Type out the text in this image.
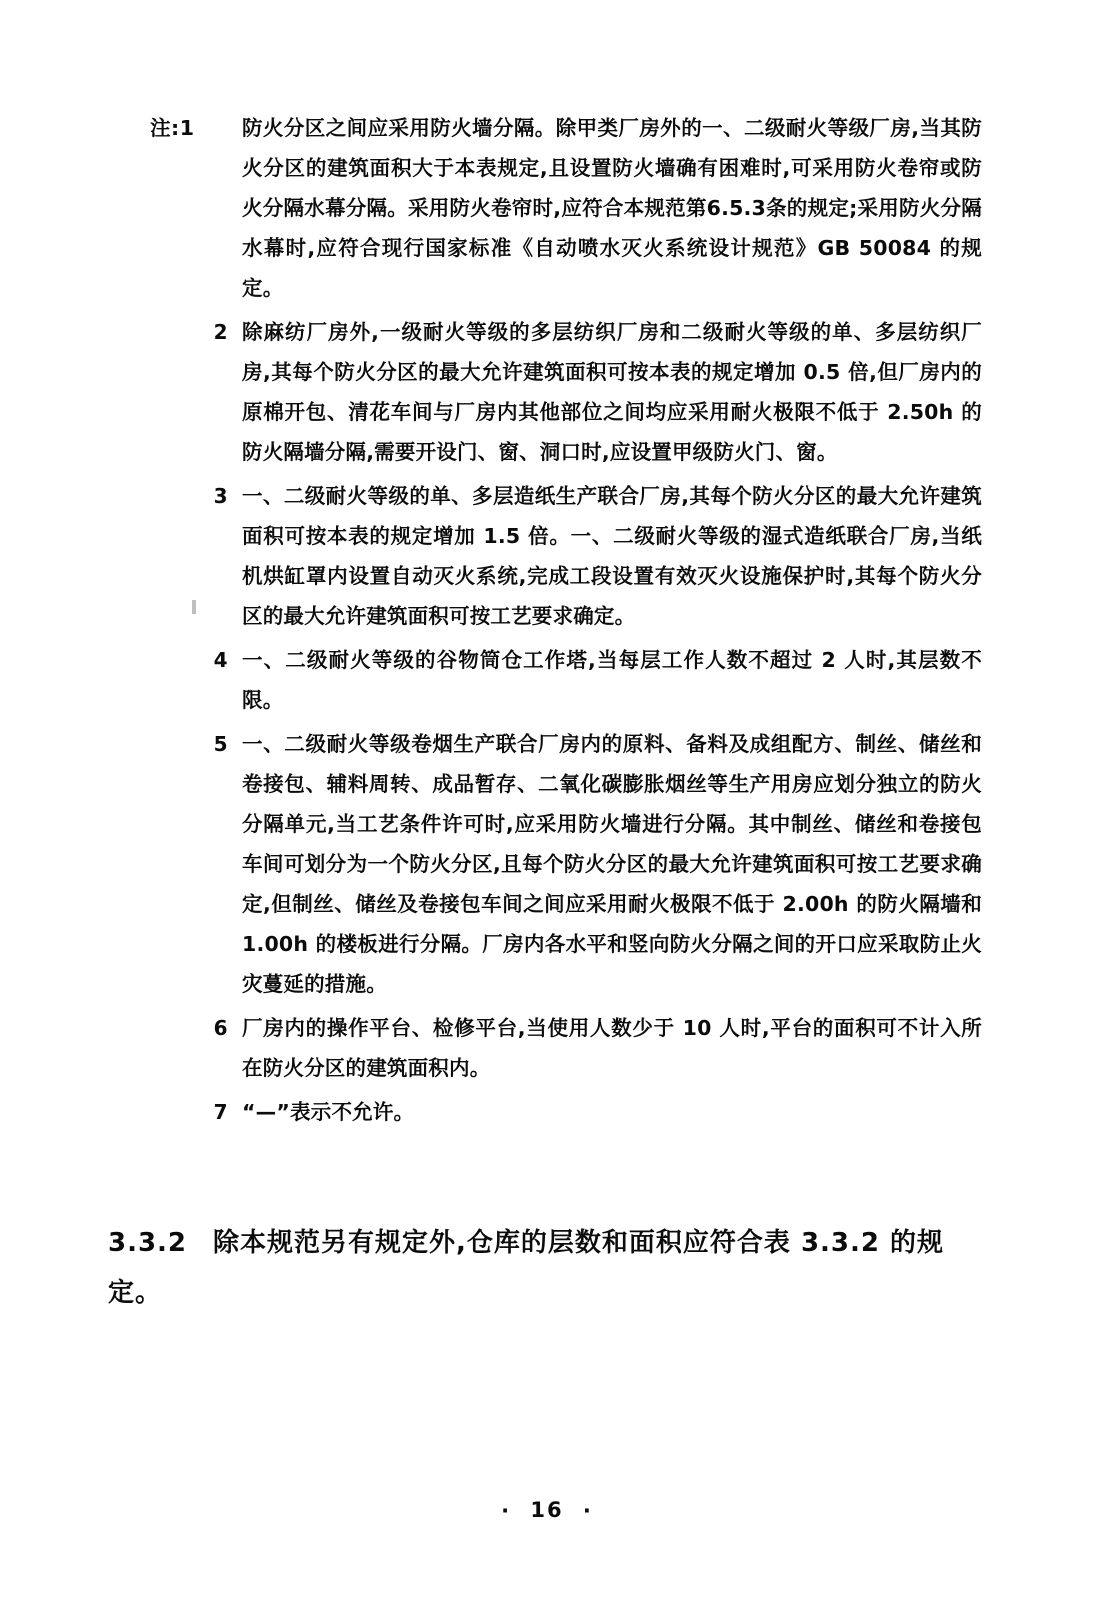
注:1	防火分区之间应采用防火墙分隔。除甲类厂房外的一、二级耐火等级厂房,当其防火分区的建筑面积大于本表规定,且设置防火墙确有困难时,可采用防火卷帘或防火分隔水幕分隔。采用防火卷帘时,应符合本规范第6.5.3条的规定;采用防火分隔水幕时,应符合现行国家标准《自动喷水灭火系统设计规范》GB 50084 的规定。
2 除麻纺厂房外,一级耐火等级的多层纺织厂房和二级耐火等级的单、多层纺织厂房,其每个防火分区的最大允许建筑面积可按本表的规定增加 0.5 倍,但厂房内的原棉开包、清花车间与厂房内其他部位之间均应采用耐火极限不低于 2.50h 的防火隔墙分隔,需要开设门、窗、洞口时,应设置甲级防火门、窗。
3 一、二级耐火等级的单、多层造纸生产联合厂房,其每个防火分区的最大允许建筑面积可按本表的规定增加 1.5 倍。一、二级耐火等级的湿式造纸联合厂房,当纸机烘缸罩内设置自动灭火系统,完成工段设置有效灭火设施保护时,其每个防火分区的最大允许建筑面积可按工艺要求确定。
4 一、二级耐火等级的谷物筒仓工作塔,当每层工作人数不超过 2 人时,其层数不限。
5 一、二级耐火等级卷烟生产联合厂房内的原料、备料及成组配方、制丝、储丝和卷接包、辅料周转、成品暂存、二氧化碳膨胀烟丝等生产用房应划分独立的防火分隔单元,当工艺条件许可时,应采用防火墙进行分隔。其中制丝、储丝和卷接包车间可划分为一个防火分区,且每个防火分区的最大允许建筑面积可按工艺要求确定,但制丝、储丝及卷接包车间之间应采用耐火极限不低于 2.00h 的防火隔墙和 1.00h 的楼板进行分隔。厂房内各水平和竖向防火分隔之间的开口应采取防止火灾蔓延的措施。
6 厂房内的操作平台、检修平台,当使用人数少于 10 人时,平台的面积可不计入所在防火分区的建筑面积内。
7 “—”表示不允许。
3.3.2 除本规范另有规定外,仓库的层数和面积应符合表 3.3.2 的规定。
· 16 ·
